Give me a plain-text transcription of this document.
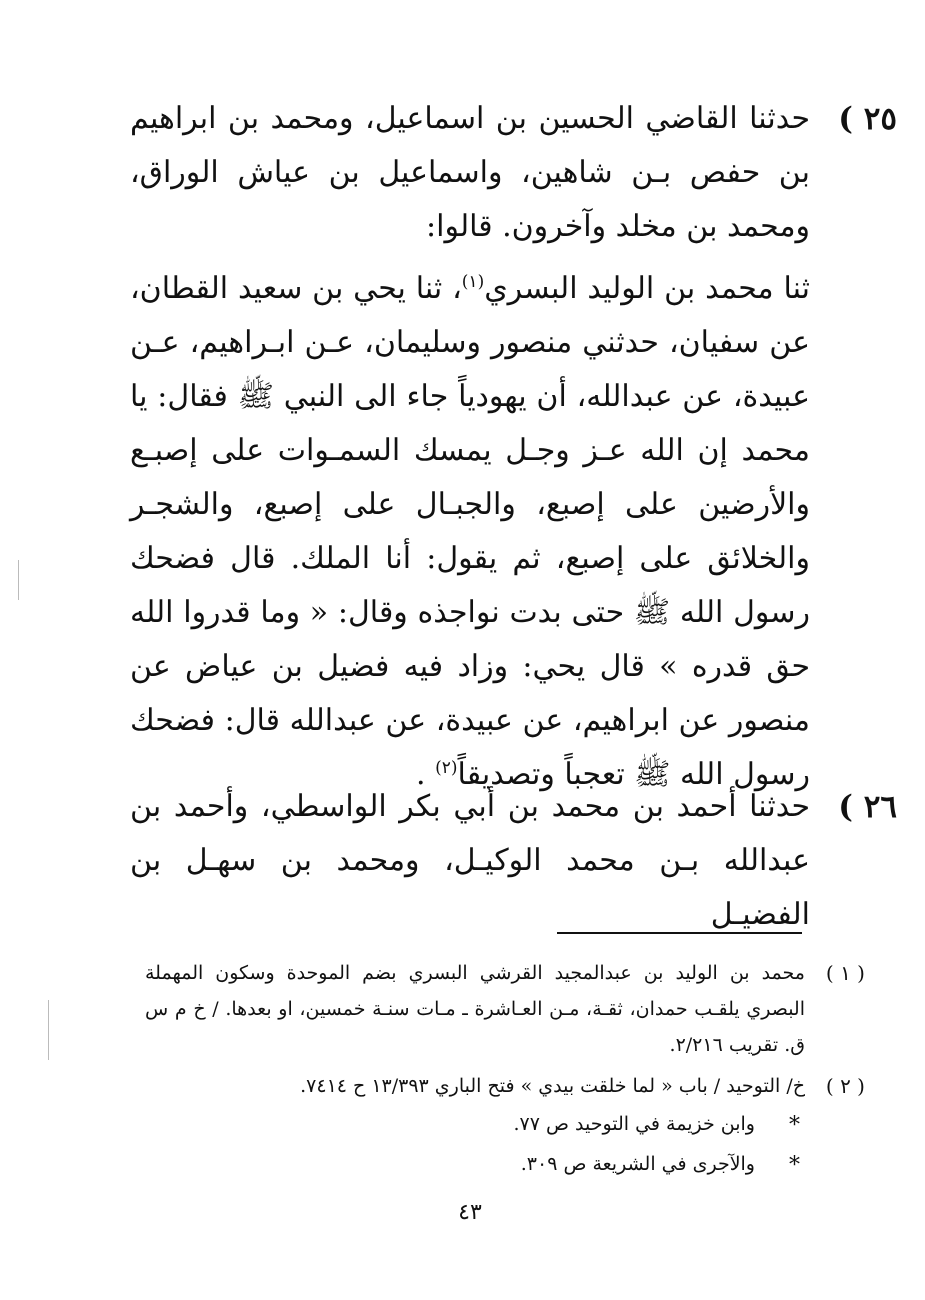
٢٥ )

حدثنا القاضي الحسين بن اسماعيل، ومحمد بن ابراهيم بن حفص بـن شاهين، واسماعيل بن عياش الوراق، ومحمد بن مخلد وآخرون. قالوا:

ثنا محمد بن الوليد البسري$^{(١)}$، ثنا يحي بن سعيد القطان، عن سفيان، حدثني منصور وسليمان، عـن ابـراهيم، عـن عبيدة، عن عبدالله، أن يهودياً جاء الى النبي ﷺ فقال: يا محمد إن الله عـز وجـل يمسك السمـوات على إصبـع والأرضين على إصبع، والجبـال على إصبع، والشجـر والخلائق على إصبع، ثم يقول: أنا الملك. قال فضحك رسول الله ﷺ حتى بدت نواجذه وقال: « وما قدروا الله حق قدره » قال يحي: وزاد فيه فضيل بن عياض عن منصور عن ابراهيم، عن عبيدة، عن عبدالله قال: فضحك رسول الله ﷺ تعجباً وتصديقاً$^{(٢)}$ .

٢٦ )
حدثنا أحمد بن محمد بن أبي بكر الواسطي، وأحمد بن عبدالله بـن محمد الوكيـل، ومحمد بن سهـل بن الفضيـل
( ١ )
محمد بن الوليد بن عبدالمجيد القرشي البسري بضم الموحدة وسكون المهملة البصري يلقـب حمدان، ثقـة، مـن العـاشرة ـ مـات سنـة خمسين، او بعدها. / خ م س ق. تقريب ٢/٢١٦.
( ٢ )
خ/ التوحيد / باب « لما خلقت بيدي » فتح الباري ١٣/٣٩٣ ح ٧٤١٤.
*
وابن خزيمة في التوحيد ص ٧٧.
*
والآجرى في الشريعة ص ٣٠٩.
٤٣
